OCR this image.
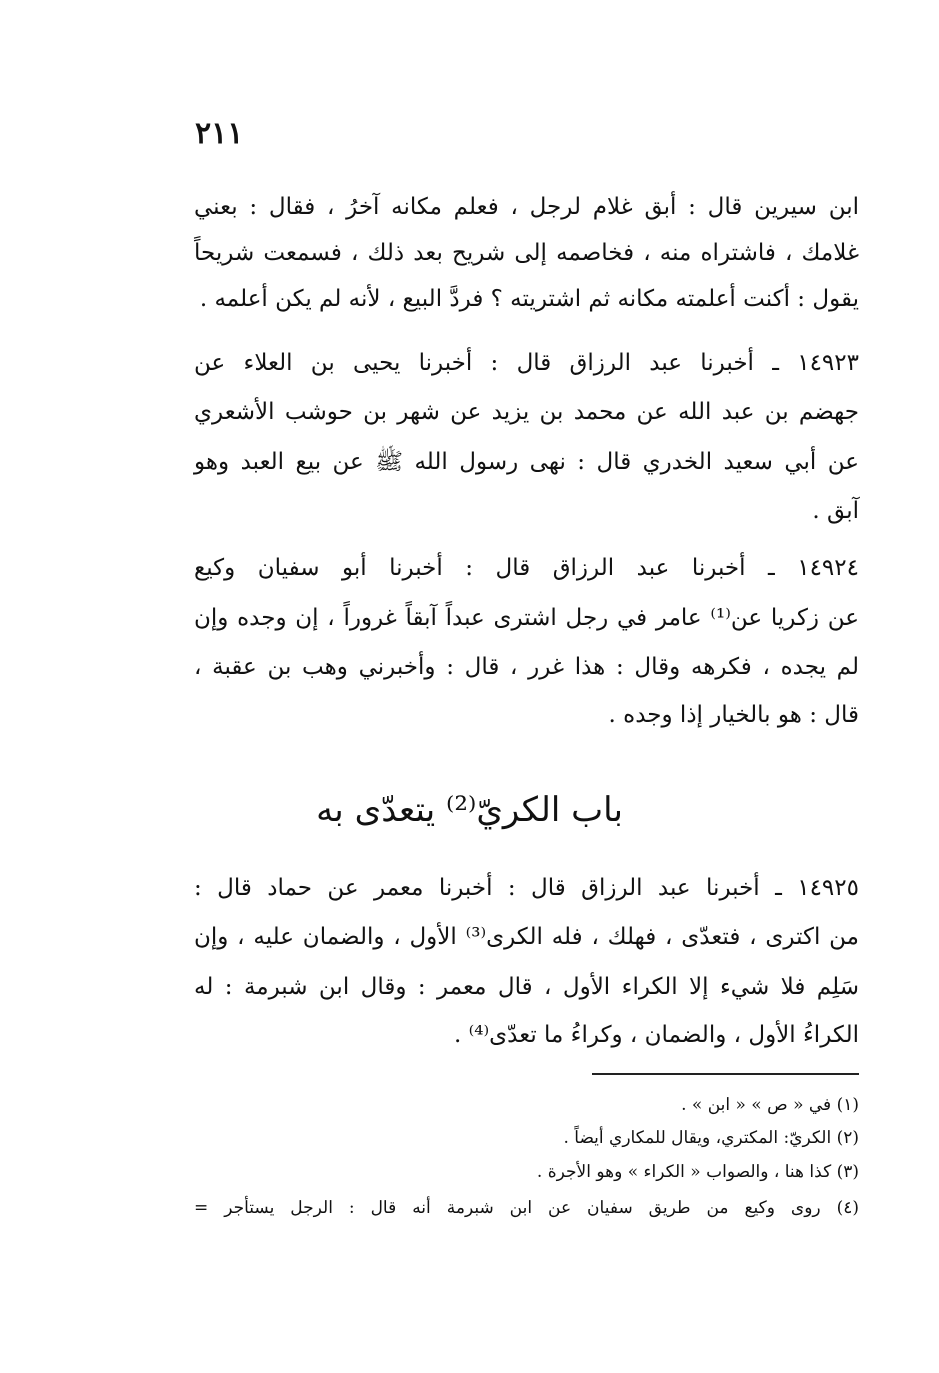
٢١١
ابن سيرين قال : أبق غلام لرجل ، فعلم مكانه آخرُ ، فقال : بعني
غلامك ، فاشتراه منه ، فخاصمه إلى شريح بعد ذلك ، فسمعت شريحاً
يقول : أكنت أعلمته مكانه ثم اشتريته ؟ فردَّ البيع ، لأنه لم يكن أعلمه .
١٤٩٢٣ ـ أخبرنا عبد الرزاق قال : أخبرنا يحيى بن العلاء عن
جهضم بن عبد الله عن محمد بن يزيد عن شهر بن حوشب الأشعري
عن أبي سعيد الخدري قال : نهى رسول الله ﷺ عن بيع العبد وهو
آبق .
١٤٩٢٤ ـ أخبرنا عبد الرزاق قال : أخبرنا أبو سفيان وكيع
عن زكريا عن⁽¹⁾ عامر في رجل اشترى عبداً آبقاً غروراً ، إن وجده وإن
لم يجده ، فكرهه وقال : هذا غرر ، قال : وأخبرني وهب بن عقبة ،
قال : هو بالخيار إذا وجده .
باب الكريّ⁽²⁾ يتعدّى به
١٤٩٢٥ ـ أخبرنا عبد الرزاق قال : أخبرنا معمر عن حماد قال :
من اكترى ، فتعدّى ، فهلك ، فله الكرى⁽³⁾ الأول ، والضمان عليه ، وإن
سَلِم فلا شيء إلا الكراء الأول ، قال معمر : وقال ابن شبرمة : له
الكراءُ الأول ، والضمان ، وكراءُ ما تعدّى⁽⁴⁾ .
(١) في « ص » « ابن » .
(٢) الكريّ: المكتري، ويقال للمكاري أيضاً .
(٣) كذا هنا ، والصواب « الكراء » وهو الأجرة .
(٤) روى وكيع من طريق سفيان عن ابن شبرمة أنه قال : الرجل يستأجر =
